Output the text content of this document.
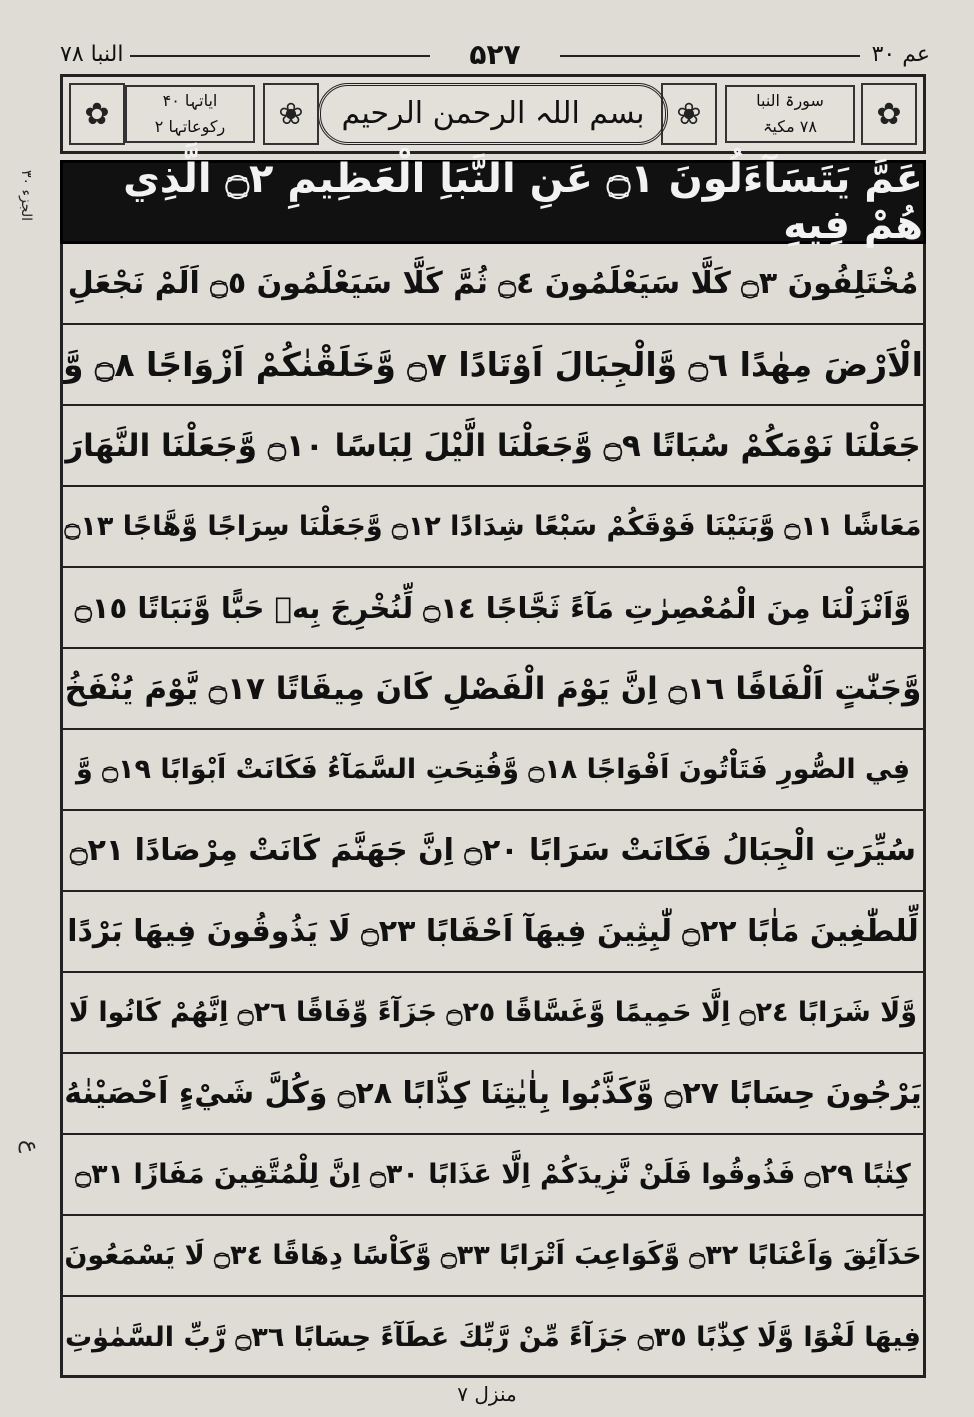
عم ۳۰
۵۲۷
النبا ۷۸
✿
سورۃ النبا
۷۸ مکیۃ
❀
بسم اللہ الرحمن الرحیم
❀
ایاتہا ۴۰
رکوعاتہا ۲
✿
الجزء ۳۰
ع
عَمَّ يَتَسَآءَلُونَ ۝١ عَنِ النَّبَاِ الْعَظِيمِ ۝٢ الَّذِي هُمْ فِيهِ
مُخْتَلِفُونَ ۝٣ كَلَّا سَيَعْلَمُونَ ۝٤ ثُمَّ كَلَّا سَيَعْلَمُونَ ۝٥ اَلَمْ نَجْعَلِ
الْاَرْضَ مِهٰدًا ۝٦ وَّالْجِبَالَ اَوْتَادًا ۝٧ وَّخَلَقْنٰكُمْ اَزْوَاجًا ۝٨ وَّ
جَعَلْنَا نَوْمَكُمْ سُبَاتًا ۝٩ وَّجَعَلْنَا الَّيْلَ لِبَاسًا ۝١٠ وَّجَعَلْنَا النَّهَارَ
مَعَاشًا ۝١١ وَّبَنَيْنَا فَوْقَكُمْ سَبْعًا شِدَادًا ۝١٢ وَّجَعَلْنَا سِرَاجًا وَّهَّاجًا ۝١٣
وَّاَنْزَلْنَا مِنَ الْمُعْصِرٰتِ مَآءً ثَجَّاجًا ۝١٤ لِّنُخْرِجَ بِهٖ حَبًّا وَّنَبَاتًا ۝١٥
وَّجَنّٰتٍ اَلْفَافًا ۝١٦ اِنَّ يَوْمَ الْفَصْلِ كَانَ مِيقَاتًا ۝١٧ يَّوْمَ يُنْفَخُ
فِي الصُّورِ فَتَاْتُونَ اَفْوَاجًا ۝١٨ وَّفُتِحَتِ السَّمَآءُ فَكَانَتْ اَبْوَابًا ۝١٩ وَّ
سُيِّرَتِ الْجِبَالُ فَكَانَتْ سَرَابًا ۝٢٠ اِنَّ جَهَنَّمَ كَانَتْ مِرْصَادًا ۝٢١
لِّلطّٰغِينَ مَاٰبًا ۝٢٢ لّٰبِثِينَ فِيهَآ اَحْقَابًا ۝٢٣ لَا يَذُوقُونَ فِيهَا بَرْدًا
وَّلَا شَرَابًا ۝٢٤ اِلَّا حَمِيمًا وَّغَسَّاقًا ۝٢٥ جَزَآءً وِّفَاقًا ۝٢٦ اِنَّهُمْ كَانُوا لَا
يَرْجُونَ حِسَابًا ۝٢٧ وَّكَذَّبُوا بِاٰيٰتِنَا كِذَّابًا ۝٢٨ وَكُلَّ شَيْءٍ اَحْصَيْنٰهُ
كِتٰبًا ۝٢٩ فَذُوقُوا فَلَنْ نَّزِيدَكُمْ اِلَّا عَذَابًا ۝٣٠ اِنَّ لِلْمُتَّقِينَ مَفَازًا ۝٣١
حَدَآئِقَ وَاَعْنَابًا ۝٣٢ وَّكَوَاعِبَ اَتْرَابًا ۝٣٣ وَّكَاْسًا دِهَاقًا ۝٣٤ لَا يَسْمَعُونَ
فِيهَا لَغْوًا وَّلَا كِذّٰبًا ۝٣٥ جَزَآءً مِّنْ رَّبِّكَ عَطَآءً حِسَابًا ۝٣٦ رَّبِّ السَّمٰوٰتِ
منزل ۷
